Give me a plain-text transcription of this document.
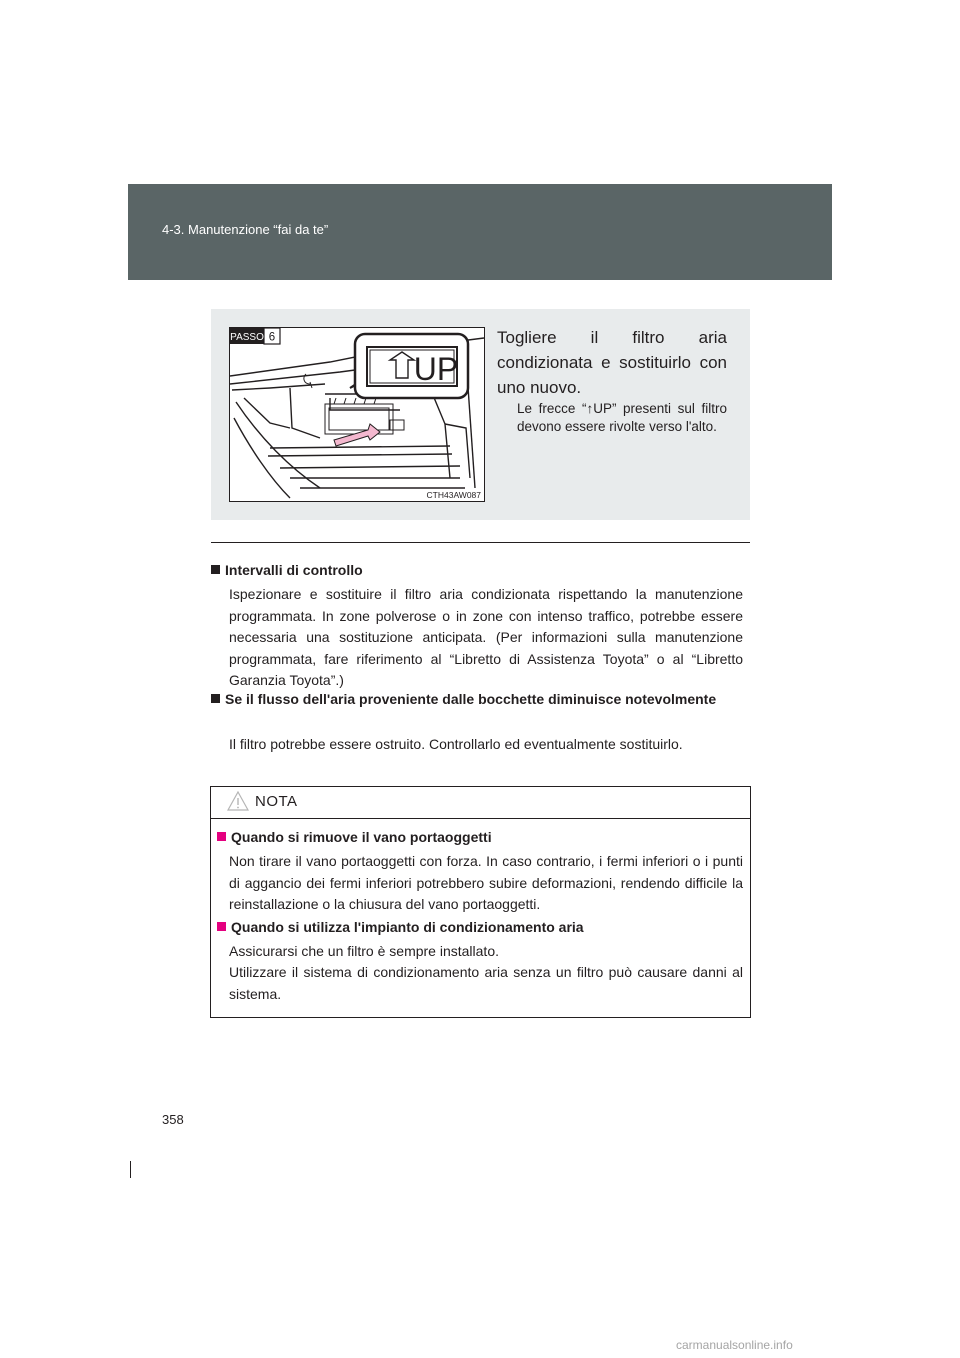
4-3. Manutenzione “fai da te”
PASSO 6
UP
CTH43AW087
Togliere il filtro aria condizionata e sostituirlo con uno nuovo.
Le frecce “↑UP” presenti sul filtro devono essere rivolte verso l'alto.
Intervalli di controllo
Ispezionare e sostituire il filtro aria condizionata rispettando la manutenzione programmata. In zone polverose o in zone con intenso traffico, potrebbe essere necessaria una sostituzione anticipata. (Per informazioni sulla manutenzione programmata, fare riferimento al “Libretto di Assistenza Toyota” o al “Libretto Garanzia Toyota”.)
Se il flusso dell'aria proveniente dalle bocchette diminuisce notevolmente
Il filtro potrebbe essere ostruito. Controllarlo ed eventualmente sostituirlo.
NOTA
Quando si rimuove il vano portaoggetti
Non tirare il vano portaoggetti con forza. In caso contrario, i fermi inferiori o i punti di aggancio dei fermi inferiori potrebbero subire deformazioni, rendendo difficile la reinstallazione o la chiusura del vano portaoggetti.
Quando si utilizza l'impianto di condizionamento aria
Assicurarsi che un filtro è sempre installato.
Utilizzare il sistema di condizionamento aria senza un filtro può causare danni al sistema.
358
carmanualsonline.info
